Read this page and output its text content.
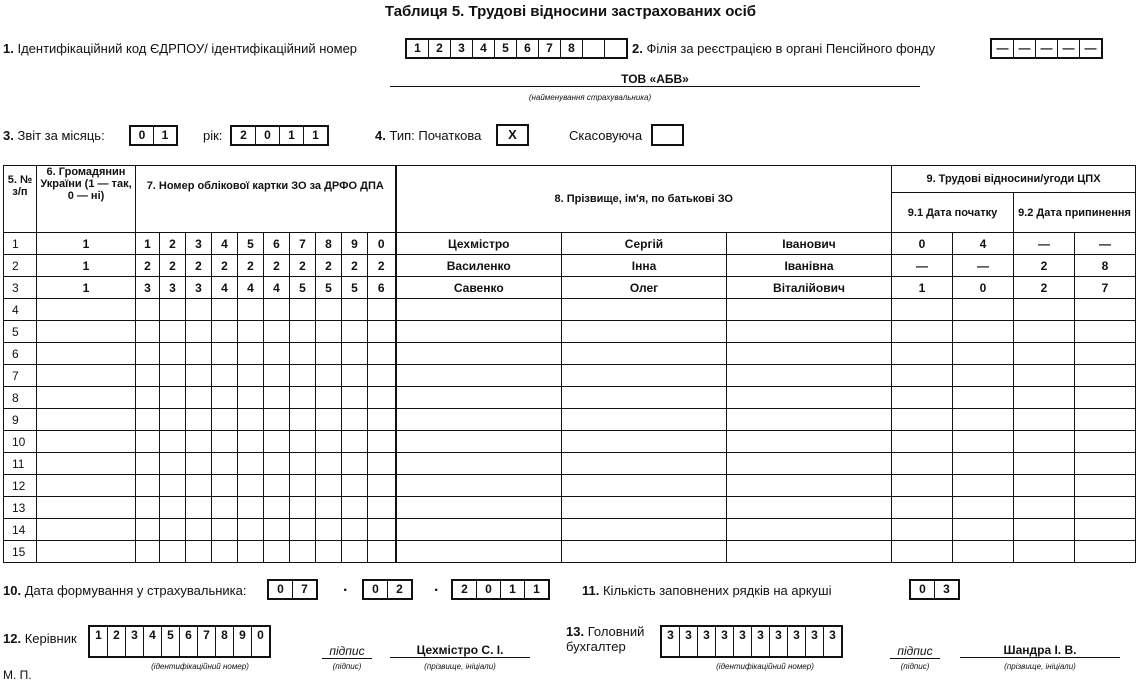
Таблиця 5. Трудові відносини застрахованих осіб
1. Ідентифікаційний код ЄДРПОУ/ ідентифікаційний номер	1	2	3	4	5	6	7	8	2. Філія за реєстрацією в органі Пенсійного фонду	— — — — —
ТОВ «АБВ»
(найменування страхувальника)
3. Звіт за місяць:	0	1	рік:	2	0	1	1	4. Тип: Початкова	X	Скасовуюча
5. № з/п	6. Громадянин України (1 — так, 0 — ні)	7. Номер облікової картки ЗО за ДРФО ДПА										8. Прізвище, ім'я, по батькові ЗО			9. Трудові відносини/угоди ЦПХ			
															9.1 Дата початку		9.2 Дата припинення	
1	1	1	2	3	4	5	6	7	8	9	0	Цехмістро	Сергій	Іванович	0	4	—	—
2	1	2	2	2	2	2	2	2	2	2	2	Василенко	Інна	Іванівна	—	—	2	8
3	1	3	3	3	4	4	4	5	5	5	6	Савенко	Олег	Віталійович	1	0	2	7
4																		
5																		
6																		
7																		
8																		
9																		
10																		
11																		
12																		
13																		
14																		
15																		
10. Дата формування у страхувальника:	0	7	.	0	2	.	2	0	1	1	11. Кількість заповнених рядків на аркуші	0	3
12. Керівник	1 2 3 4 5 6 7 8 9 0
(ідентифікаційний номер)
підпис
(підпис)
Цехмістро С. І.
(прізвище, ініціали)
13. Головний
бухгалтер
3 3 3 3 3 3 3 3 3 3
(ідентифікаційний номер)
підпис
(підпис)
Шандра І. В.
(прізвище, ініціали)
М. П.
